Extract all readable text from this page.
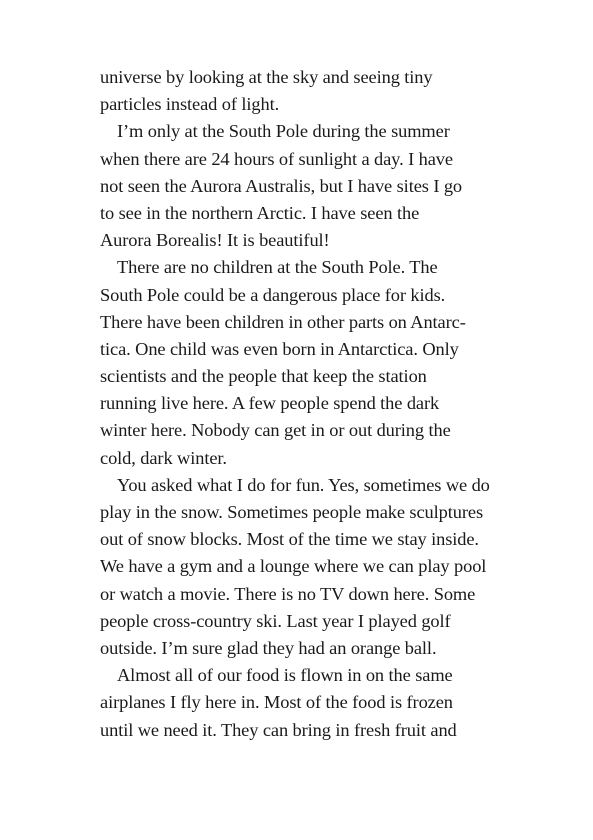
universe by looking at the sky and seeing tiny
particles instead of light.
I’m only at the South Pole during the summer
when there are 24 hours of sunlight a day. I have
not seen the Aurora Australis, but I have sites I go
to see in the northern Arctic. I have seen the
Aurora Borealis! It is beautiful!
There are no children at the South Pole. The
South Pole could be a dangerous place for kids.
There have been children in other parts on Antarc-
tica. One child was even born in Antarctica. Only
scientists and the people that keep the station
running live here. A few people spend the dark
winter here. Nobody can get in or out during the
cold, dark winter.
You asked what I do for fun. Yes, sometimes we do
play in the snow. Sometimes people make sculptures
out of snow blocks. Most of the time we stay inside.
We have a gym and a lounge where we can play pool
or watch a movie. There is no TV down here. Some
people cross-country ski. Last year I played golf
outside. I’m sure glad they had an orange ball.
Almost all of our food is flown in on the same
airplanes I fly here in. Most of the food is frozen
until we need it. They can bring in fresh fruit and
